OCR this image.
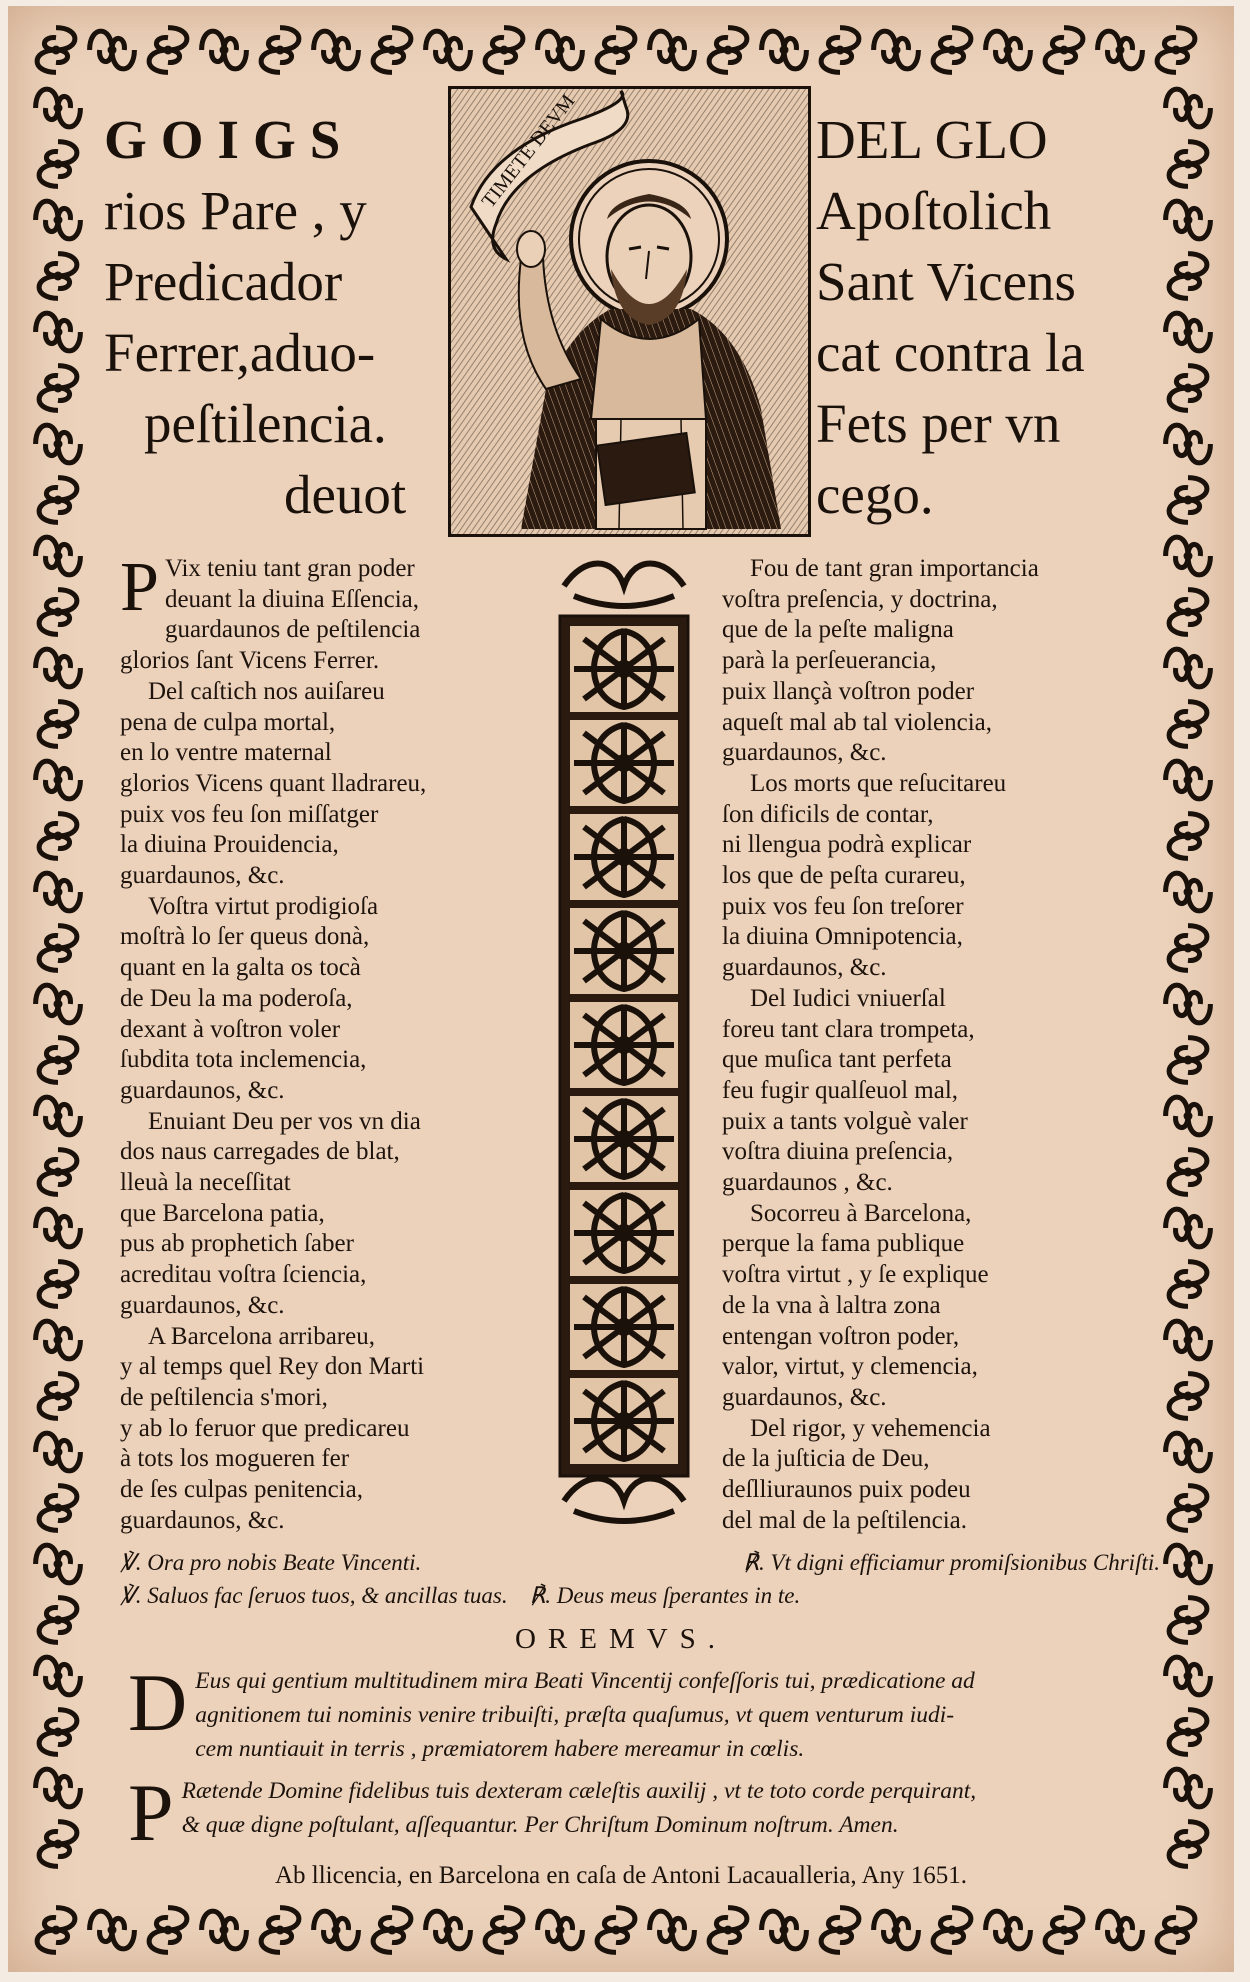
GOIGS
rios Pare , y
Predicador
Ferrer,aduo-
peſtilencia.
deuot
TIMETE DEVM	DEL GLO
Apoſtolich
Sant Vicens
cat contra la
Fets per vn
cego.
P Vix teniu tant gran poder
deuant la diuina Eſſencia,
guardaunos de peſtilencia
glorios ſant Vicens Ferrer.
Del caſtich nos auiſareu
pena de culpa mortal,
en lo ventre maternal
glorios Vicens quant lladrareu,
puix vos feu ſon miſſatger
la diuina Prouidencia,
guardaunos, &c.
Voſtra virtut prodigioſa
moſtrà lo ſer queus donà,
quant en la galta os tocà
de Deu la ma poderoſa,
dexant à voſtron voler
ſubdita tota inclemencia,
guardaunos, &c.
Enuiant Deu per vos vn dia
dos naus carregades de blat,
lleuà la neceſſitat
que Barcelona patia,
pus ab prophetich ſaber
acreditau voſtra ſciencia,
guardaunos, &c.
A Barcelona arribareu,
y al temps quel Rey don Marti
de peſtilencia s'mori,
y ab lo feruor que predicareu
à tots los mogueren fer
de ſes culpas penitencia,
guardaunos, &c.
Fou de tant gran importancia
voſtra preſencia, y doctrina,
que de la peſte maligna
parà la perſeuerancia,
puix llançà voſtron poder
aqueſt mal ab tal violencia,
guardaunos, &c.
Los morts que reſucitareu
ſon dificils de contar,
ni llengua podrà explicar
los que de peſta curareu,
puix vos feu ſon treſorer
la diuina Omnipotencia,
guardaunos, &c.
Del Iudici vniuerſal
foreu tant clara trompeta,
que muſica tant perfeta
feu fugir qualſeuol mal,
puix a tants volguè valer
voſtra diuina preſencia,
guardaunos , &c.
Socorreu à Barcelona,
perque la fama publique
voſtra virtut , y ſe explique
de la vna à laltra zona
entengan voſtron poder,
valor, virtut, y clemencia,
guardaunos, &c.
Del rigor, y vehemencia
de la juſticia de Deu,
deſlliuraunos puix podeu
del mal de la peſtilencia.
℣. Ora pro nobis Beate Vincenti.	℟. Vt digni efficiamur promiſsionibus Chriſti.
℣. Saluos fac ſeruos tuos, & ancillas tuas. ℟. Deus meus ſperantes in te.
OREMVS.
D Eus qui gentium multitudinem mira Beati Vincentij confeſſoris tui, prædicatione ad
agnitionem tui nominis venire tribuiſti, præſta quaſumus, vt quem venturum iudi-
cem nuntiauit in terris , præmiatorem habere mereamur in cœlis.
P Rætende Domine fidelibus tuis dexteram cæleſtis auxilij , vt te toto corde perquirant,
& quæ digne poſtulant, aſſequantur. Per Chriſtum Dominum noſtrum. Amen.
Ab llicencia, en Barcelona en caſa de Antoni Lacaualleria, Any 1651.
